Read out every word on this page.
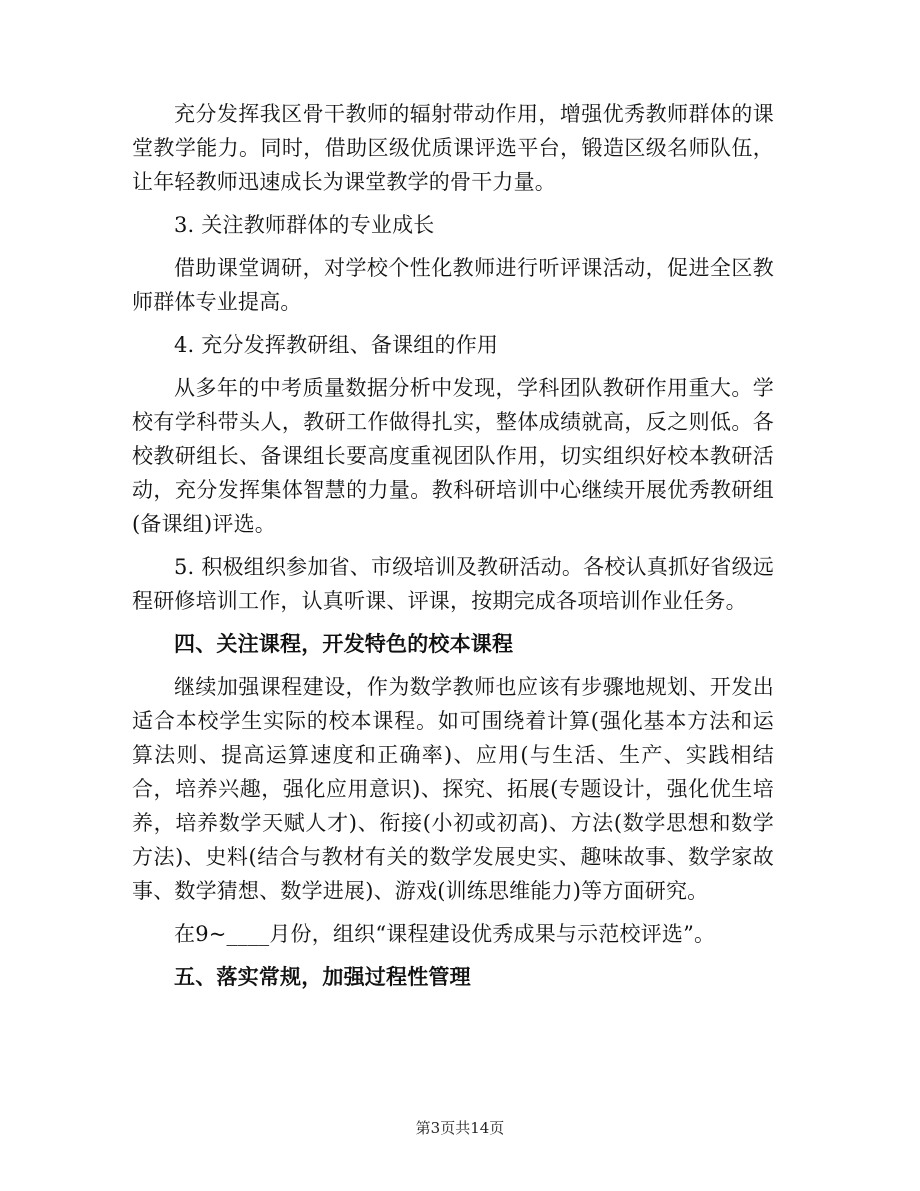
充分发挥我区骨干教师的辐射带动作用，增强优秀教师群体的课堂教学能力。同时，借助区级优质课评选平台，锻造区级名师队伍，让年轻教师迅速成长为课堂教学的骨干力量。

3. 关注教师群体的专业成长

借助课堂调研，对学校个性化教师进行听评课活动，促进全区教师群体专业提高。

4. 充分发挥教研组、备课组的作用

从多年的中考质量数据分析中发现，学科团队教研作用重大。学校有学科带头人，教研工作做得扎实，整体成绩就高，反之则低。各校教研组长、备课组长要高度重视团队作用，切实组织好校本教研活动，充分发挥集体智慧的力量。教科研培训中心继续开展优秀教研组(备课组)评选。

5. 积极组织参加省、市级培训及教研活动。各校认真抓好省级远程研修培训工作，认真听课、评课，按期完成各项培训作业任务。

四、关注课程，开发特色的校本课程

继续加强课程建设，作为数学教师也应该有步骤地规划、开发出适合本校学生实际的校本课程。如可围绕着计算(强化基本方法和运算法则、提高运算速度和正确率)、应用(与生活、生产、实践相结合，培养兴趣，强化应用意识)、探究、拓展(专题设计，强化优生培养，培养数学天赋人才)、衔接(小初或初高)、方法(数学思想和数学方法)、史料(结合与教材有关的数学发展史实、趣味故事、数学家故事、数学猜想、数学进展)、游戏(训练思维能力)等方面研究。

在9~____月份，组织“课程建设优秀成果与示范校评选”。

五、落实常规，加强过程性管理

第3页共14页
